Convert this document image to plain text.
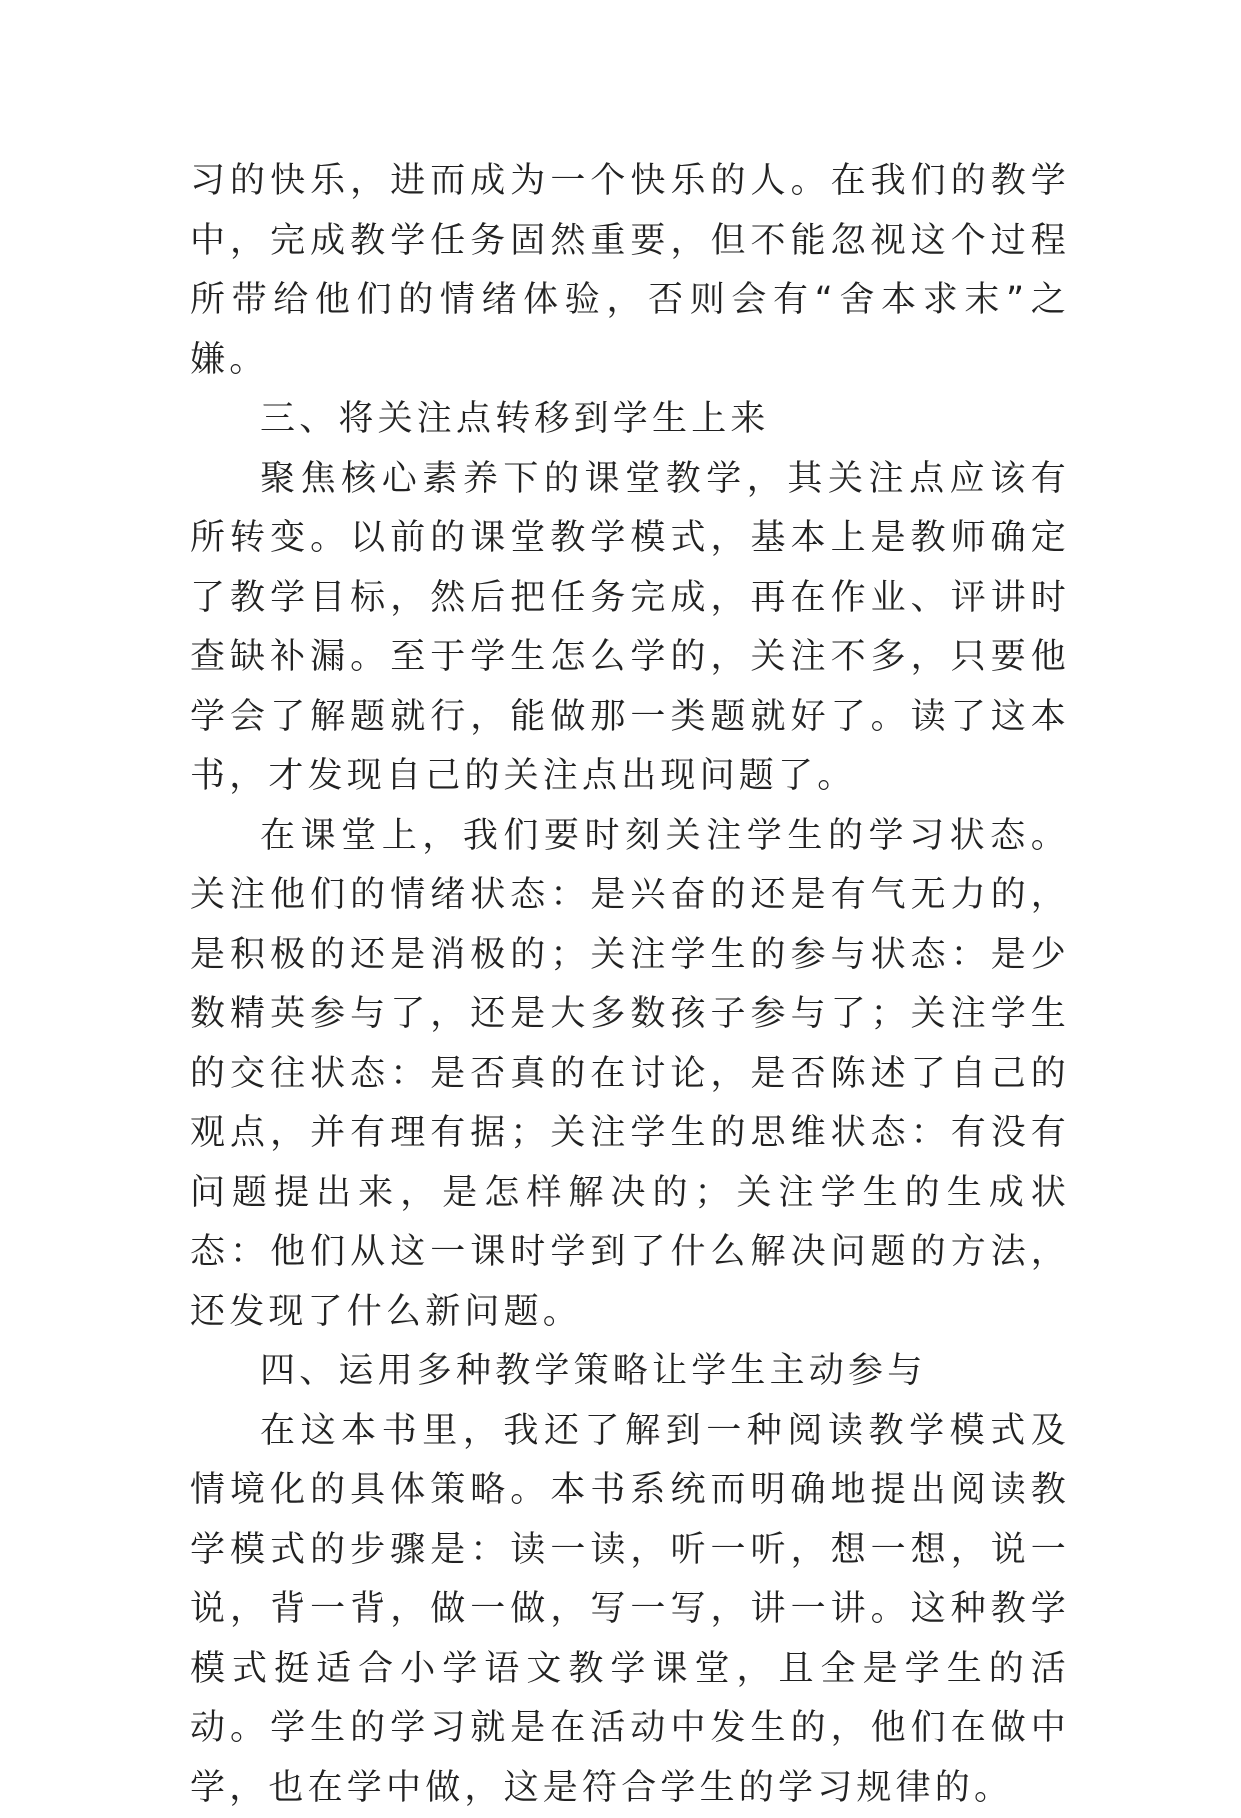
习的快乐，进而成为一个快乐的人。在我们的教学中，完成教学任务固然重要，但不能忽视这个过程所带给他们的情绪体验，否则会有“舍本求末”之嫌。

三、将关注点转移到学生上来

聚焦核心素养下的课堂教学，其关注点应该有所转变。以前的课堂教学模式，基本上是教师确定了教学目标，然后把任务完成，再在作业、评讲时查缺补漏。至于学生怎么学的，关注不多，只要他学会了解题就行，能做那一类题就好了。读了这本书，才发现自己的关注点出现问题了。

在课堂上，我们要时刻关注学生的学习状态。关注他们的情绪状态：是兴奋的还是有气无力的，是积极的还是消极的；关注学生的参与状态：是少数精英参与了，还是大多数孩子参与了；关注学生的交往状态：是否真的在讨论，是否陈述了自己的观点，并有理有据；关注学生的思维状态：有没有问题提出来，是怎样解决的；关注学生的生成状态：他们从这一课时学到了什么解决问题的方法，还发现了什么新问题。

四、运用多种教学策略让学生主动参与

在这本书里，我还了解到一种阅读教学模式及情境化的具体策略。本书系统而明确地提出阅读教学模式的步骤是：读一读，听一听，想一想，说一说，背一背，做一做，写一写，讲一讲。这种教学模式挺适合小学语文教学课堂，且全是学生的活动。学生的学习就是在活动中发生的，他们在做中学，也在学中做，这是符合学生的学习规律的。
